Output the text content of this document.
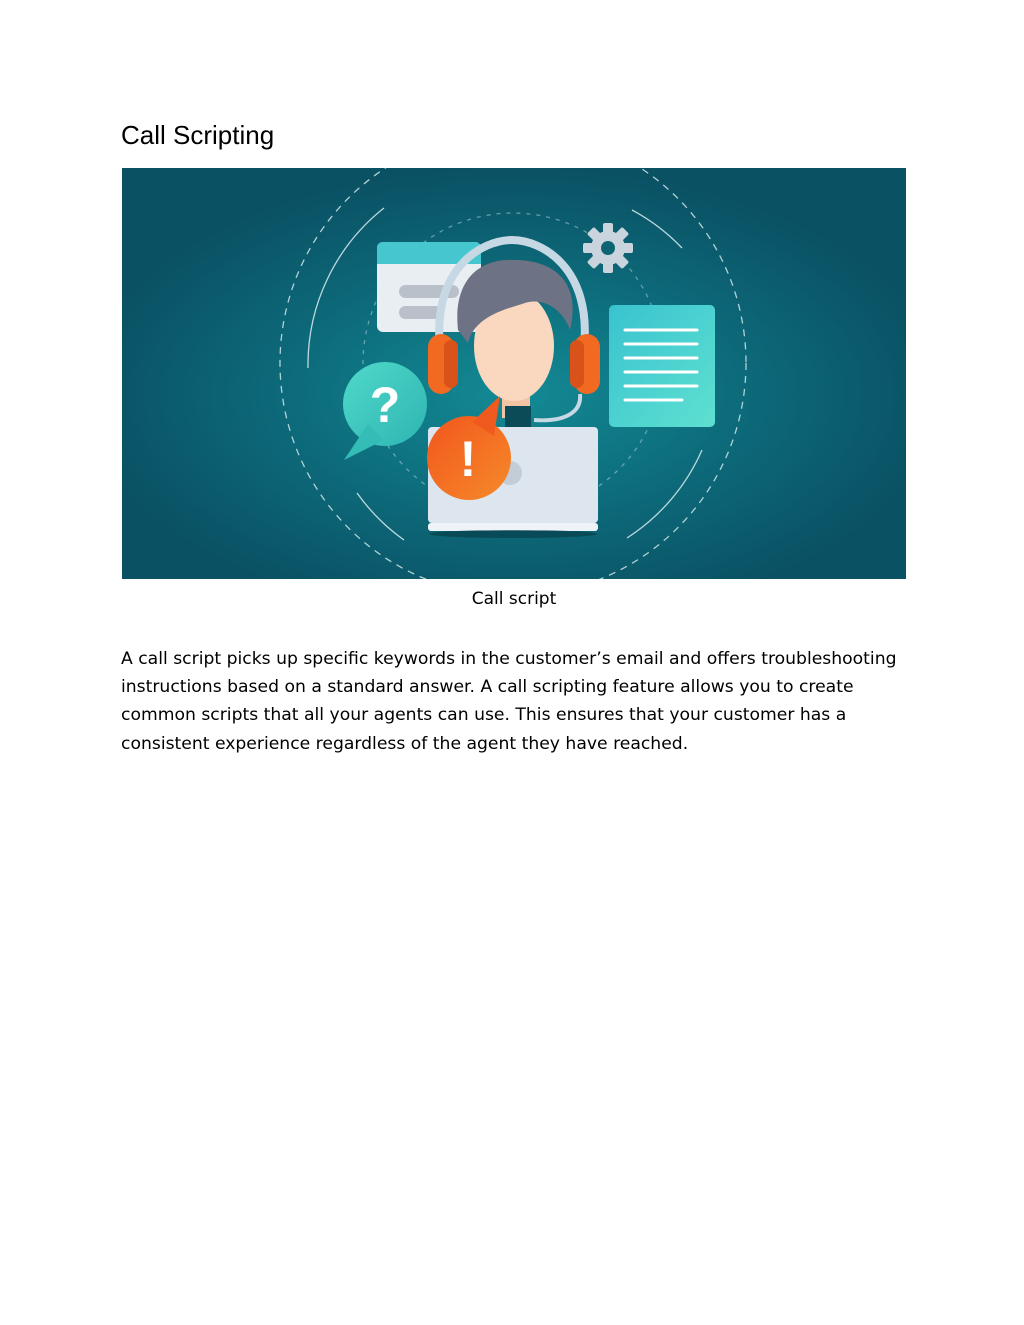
Call Scripting
?
!
Call script

A call script picks up specific keywords in the customer’s email and offers troubleshooting instructions based on a standard answer. A call scripting feature allows you to create common scripts that all your agents can use. This ensures that your customer has a consistent experience regardless of the agent they have reached.
